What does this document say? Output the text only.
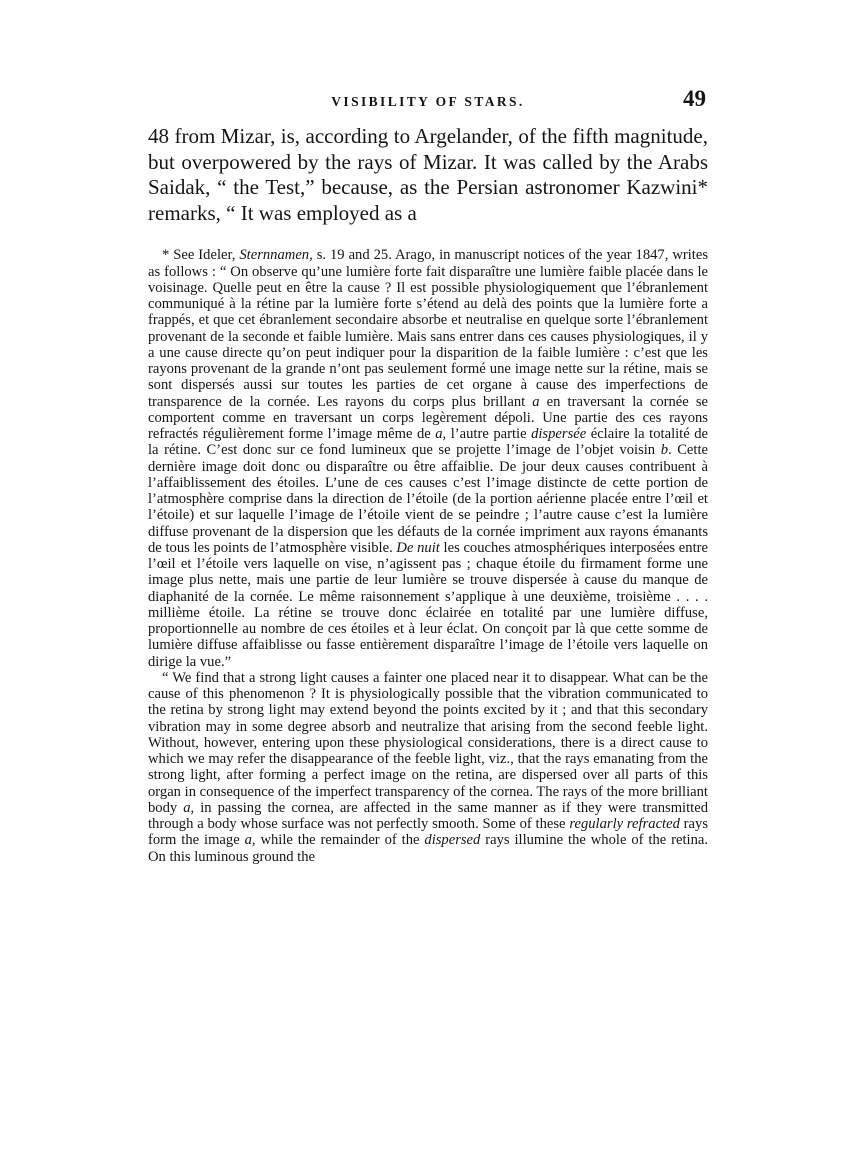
VISIBILITY OF STARS.	49

48 from Mizar, is, according to Argelander, of the fifth magnitude, but overpowered by the rays of Mizar. It was called by the Arabs Saidak, “ the Test,” because, as the Persian astronomer Kazwini* remarks, “ It was employed as a

* See Ideler, Sternnamen, s. 19 and 25. Arago, in manuscript notices of the year 1847, writes as follows : “ On observe qu’une lumière forte fait disparaître une lumière faible placée dans le voisinage. Quelle peut en être la cause ? Il est possible physiologiquement que l’ébranlement communiqué à la rétine par la lumière forte s’étend au delà des points que la lumière forte a frappés, et que cet ébranlement secondaire absorbe et neutralise en quelque sorte l’ébranlement provenant de la seconde et faible lumière. Mais sans entrer dans ces causes physiologiques, il y a une cause directe qu’on peut indiquer pour la disparition de la faible lumière : c’est que les rayons provenant de la grande n’ont pas seulement formé une image nette sur la rétine, mais se sont dispersés aussi sur toutes les parties de cet organe à cause des imperfections de transparence de la cornée. Les rayons du corps plus brillant a en traversant la cornée se comportent comme en traversant un corps legèrement dépoli. Une partie des ces rayons refractés régulièrement forme l’image même de a, l’autre partie dispersée éclaire la totalité de la rétine. C’est donc sur ce fond lumineux que se projette l’image de l’objet voisin b. Cette dernière image doit donc ou disparaître ou être affaiblie. De jour deux causes contribuent à l’affaiblissement des étoiles. L’une de ces causes c’est l’image distincte de cette portion de l’atmosphère comprise dans la direction de l’étoile (de la portion aérienne placée entre l’œil et l’étoile) et sur laquelle l’image de l’étoile vient de se peindre ; l’autre cause c’est la lumière diffuse provenant de la dispersion que les défauts de la cornée impriment aux rayons émanants de tous les points de l’atmosphère visible. De nuit les couches atmosphériques interposées entre l’œil et l’étoile vers laquelle on vise, n’agissent pas ; chaque étoile du firmament forme une image plus nette, mais une partie de leur lumière se trouve dispersée à cause du manque de diaphanité de la cornée. Le même raisonnement s’applique à une deuxième, troisième . . . . millième étoile. La rétine se trouve donc éclairée en totalité par une lumière diffuse, proportionnelle au nombre de ces étoiles et à leur éclat. On conçoit par là que cette somme de lumière diffuse affaiblisse ou fasse entièrement disparaître l’image de l’étoile vers laquelle on dirige la vue.”

“ We find that a strong light causes a fainter one placed near it to disappear. What can be the cause of this phenomenon ? It is physiologically possible that the vibration communicated to the retina by strong light may extend beyond the points excited by it ; and that this secondary vibration may in some degree absorb and neutralize that arising from the second feeble light. Without, however, entering upon these physiological considerations, there is a direct cause to which we may refer the disappearance of the feeble light, viz., that the rays emanating from the strong light, after forming a perfect image on the retina, are dispersed over all parts of this organ in consequence of the imperfect transparency of the cornea. The rays of the more brilliant body a, in passing the cornea, are affected in the same manner as if they were transmitted through a body whose surface was not perfectly smooth. Some of these regularly refracted rays form the image a, while the remainder of the dispersed rays illumine the whole of the retina. On this luminous ground the
